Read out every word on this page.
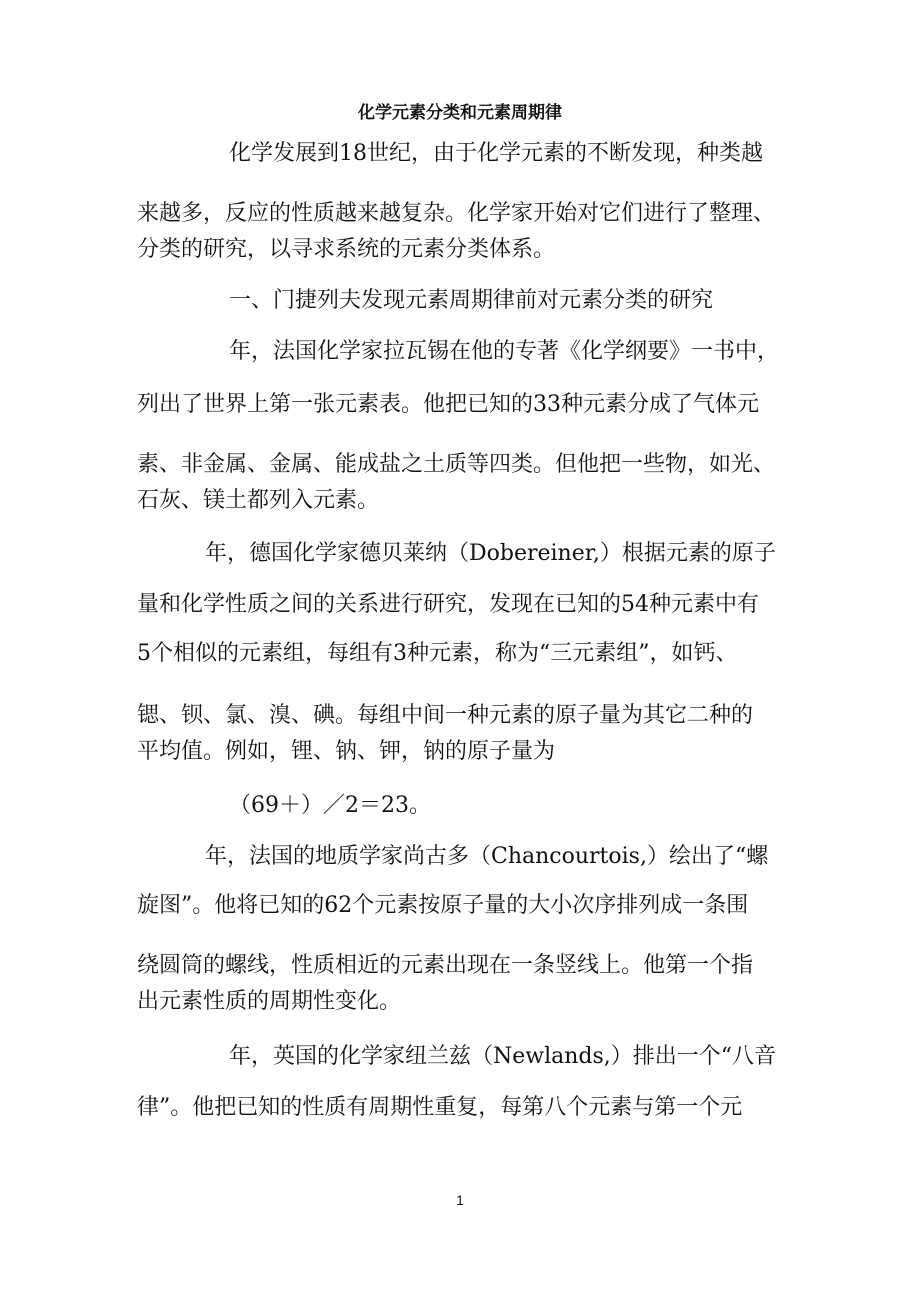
化学元素分类和元素周期律
化学发展到18世纪，由于化学元素的不断发现，种类越
来越多，反应的性质越来越复杂。化学家开始对它们进行了整理、
分类的研究，以寻求系统的元素分类体系。
一、门捷列夫发现元素周期律前对元素分类的研究
年，法国化学家拉瓦锡在他的专著《化学纲要》一书中，
列出了世界上第一张元素表。他把已知的33种元素分成了气体元
素、非金属、金属、能成盐之土质等四类。但他把一些物，如光、
石灰、镁土都列入元素。
年，德国化学家德贝莱纳（Dobereiner,）根据元素的原子
量和化学性质之间的关系进行研究，发现在已知的54种元素中有
5个相似的元素组，每组有3种元素，称为“三元素组”，如钙、
锶、钡、氯、溴、碘。每组中间一种元素的原子量为其它二种的
平均值。例如，锂、钠、钾，钠的原子量为
（69＋）／2＝23。
年，法国的地质学家尚古多（Chancourtois,）绘出了“螺
旋图”。他将已知的62个元素按原子量的大小次序排列成一条围
绕圆筒的螺线，性质相近的元素出现在一条竖线上。他第一个指
出元素性质的周期性变化。
年，英国的化学家纽兰兹（Newlands,）排出一个“八音
律”。他把已知的性质有周期性重复，每第八个元素与第一个元
1
